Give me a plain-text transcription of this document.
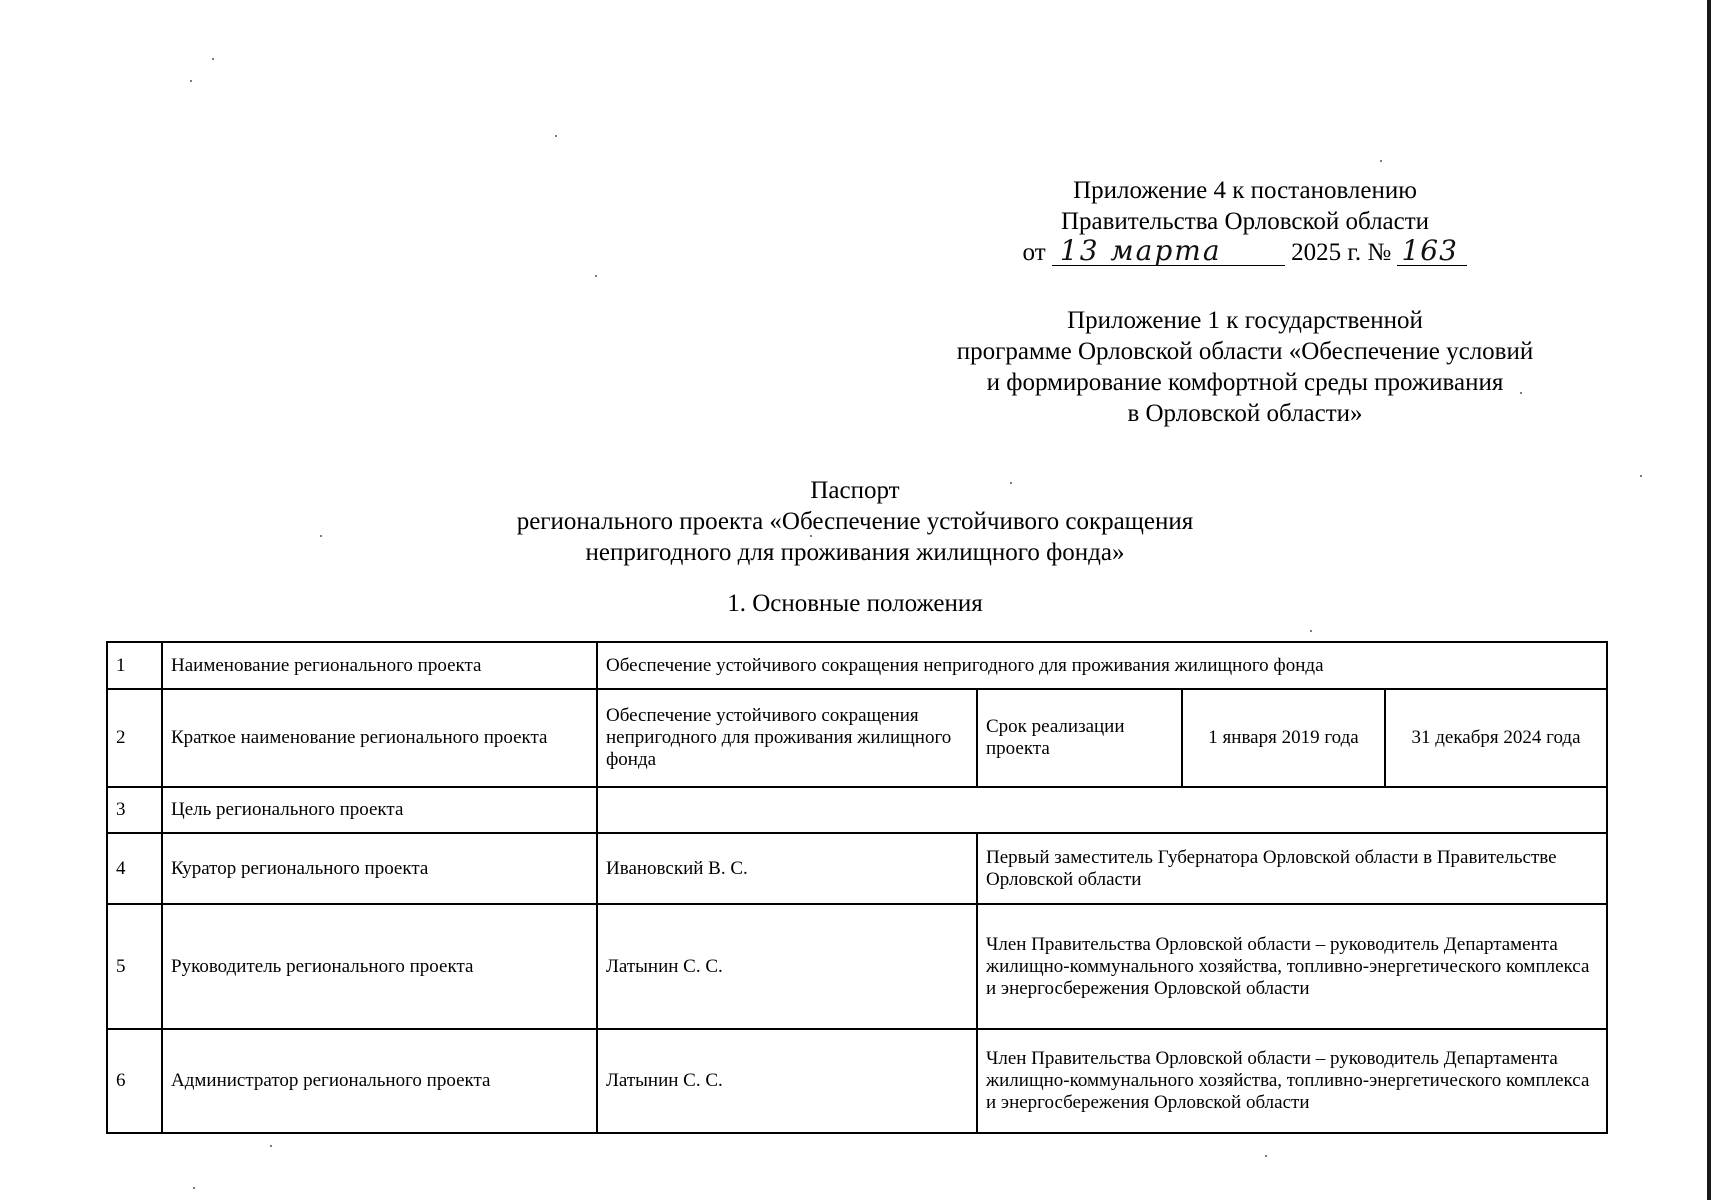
Приложение 4 к постановлению
Правительства Орловской области
от 13 марта	2025 г. № 163
Приложение 1 к государственной
программе Орловской области «Обеспечение условий
и формирование комфортной среды проживания
в Орловской области»
Паспорт
регионального проекта «Обеспечение устойчивого сокращения
непригодного для проживания жилищного фонда»
1. Основные положения
1	Наименование регионального проекта	Обеспечение устойчивого сокращения непригодного для проживания жилищного фонда			
2	Краткое наименование регионального проекта	Обеспечение устойчивого сокращения непригодного для проживания жилищного фонда	Срок реализации проекта	1 января 2019 года	31 декабря 2024 года
3	Цель регионального проекта				
4	Куратор регионального проекта	Ивановский В. С.	Первый заместитель Губернатора Орловской области в Правительстве Орловской области		
5	Руководитель регионального проекта	Латынин С. С.	Член Правительства Орловской области – руководитель Департамента жилищно-коммунального хозяйства, топливно-энергетического комплекса и энергосбережения Орловской области		
6	Администратор регионального проекта	Латынин С. С.	Член Правительства Орловской области – руководитель Департамента жилищно-коммунального хозяйства, топливно-энергетического комплекса и энергосбережения Орловской области		
